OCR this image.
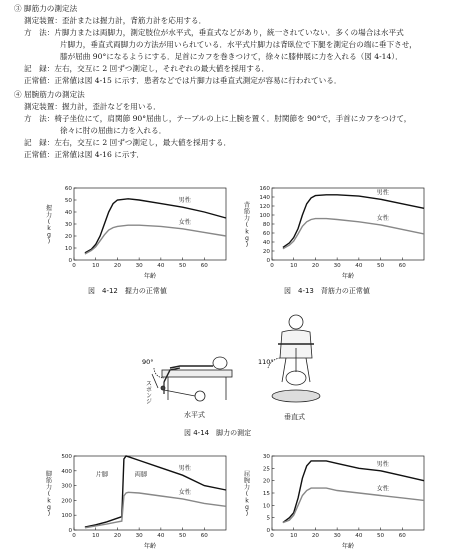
③ 脚筋力の測定法
測定装置：歪計または握力計，背筋力計を応用する．
方　法：片脚力または両脚力，測定肢位が水平式，垂直式などがあり，統一されていない．多くの場合は水平式
片脚力，垂直式両脚力の方法が用いられている．水平式片脚力は背臥位で下腿を測定台の端に垂下させ，
膝が屈曲 90°になるようにする．足首にカフを巻きつけて，徐々に膝伸展に力を入れる（図 4-14）．
記　録：左右，交互に 2 回ずつ測定し，それぞれの最大値を採用する．
正常値：正常値は図 4-15 に示す．患者などでは片脚力は垂直式測定が容易に行われている．
④ 屈腕筋力の測定法
測定装置：握力計，歪計などを用いる．
方　法：椅子坐位にて，肩関節 90°屈曲し，テーブルの上に上腕を置く．肘関節を 90°で，手首にカフをつけて，
徐々に肘の屈曲に力を入れる．
記　録：左右，交互に 2 回ずつ測定し，最大値を採用する．
正常値：正常値は図 4-16 に示す．
0
10
20
30
40
50
60
0	10	20	30	40	50	60
年齢
握力( k g )
男性
女性
0
20
40
60
80
100
120
140
160
0	10	20	30	40	50	60
年齢
背筋力( k g )
男性
女性
図　4-12　握力の正常値	図　4-13　背筋力の正常値
90°
スポンジ
110°
水平式	垂直式
図 4-14　脚力の測定
0
100
200
300
400
500
0	10	20	30	40	50	60
年齢
脚筋力( k g )
男性
女性
片脚	両脚
0
5
10
15
20
25
30
0	10	20	30	40	50	60
年齢
屈腕力( k g )
男性
女性
